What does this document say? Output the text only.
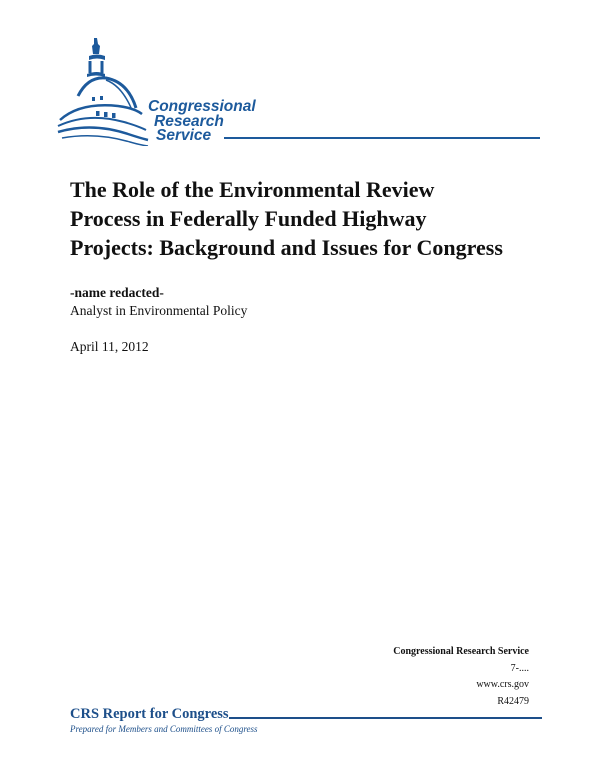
Congressional
Research
Service
The Role of the Environmental Review
Process in Federally Funded Highway
Projects: Background and Issues for Congress
-name redacted-
Analyst in Environmental Policy
April 11, 2012
Congressional Research Service
7-....
www.crs.gov
R42479
CRS Report for Congress
Prepared for Members and Committees of Congress
